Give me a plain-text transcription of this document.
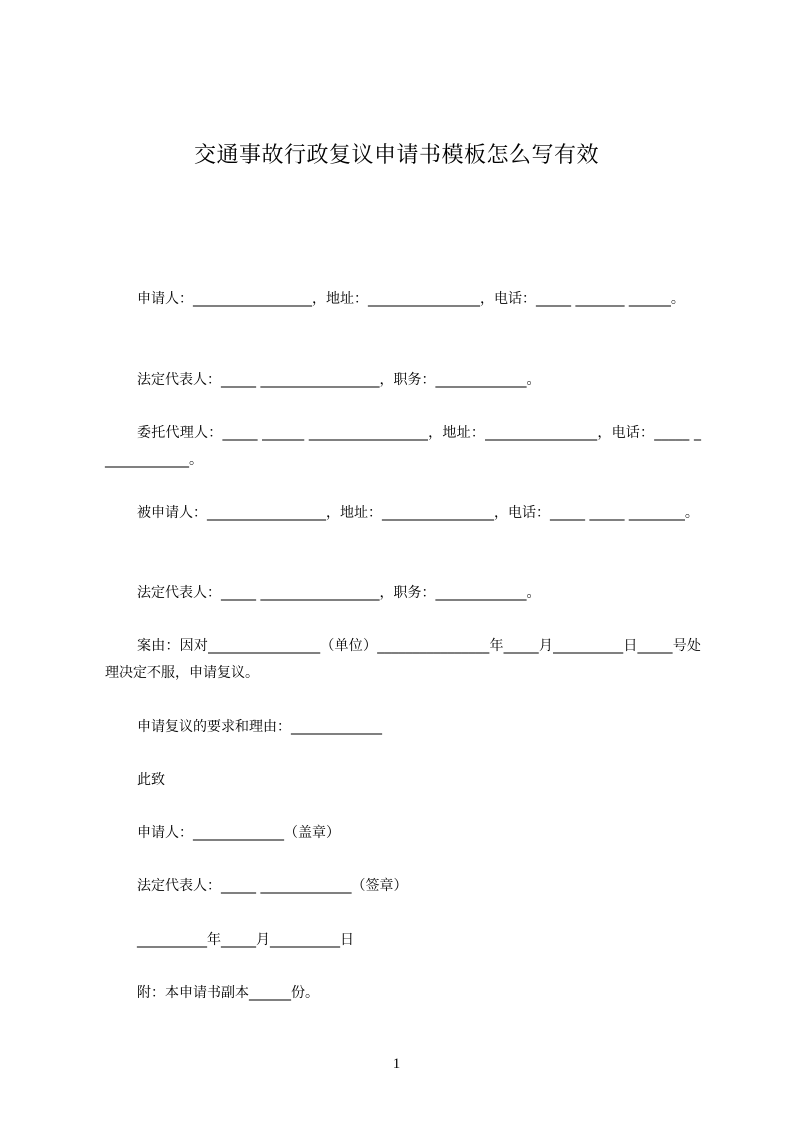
交通事故行政复议申请书模板怎么写有效

申请人：_________________，地址：________________，电话：_____ _______ ______。

法定代表人：_____ _________________，职务：_____________。

委托代理人：_____ ______ _________________，地址：________________，电话：_____ _____________。

被申请人：_________________，地址：________________，电话：_____ _____ ________。

法定代表人：_____ _________________，职务：_____________。

案由：因对________________（单位）________________年_____月__________日_____号处理决定不服，申请复议。

申请复议的要求和理由：_____________

此致

申请人：_____________（盖章）

法定代表人：_____ _____________（签章）

__________年_____月__________日

附：本申请书副本______份。

1
